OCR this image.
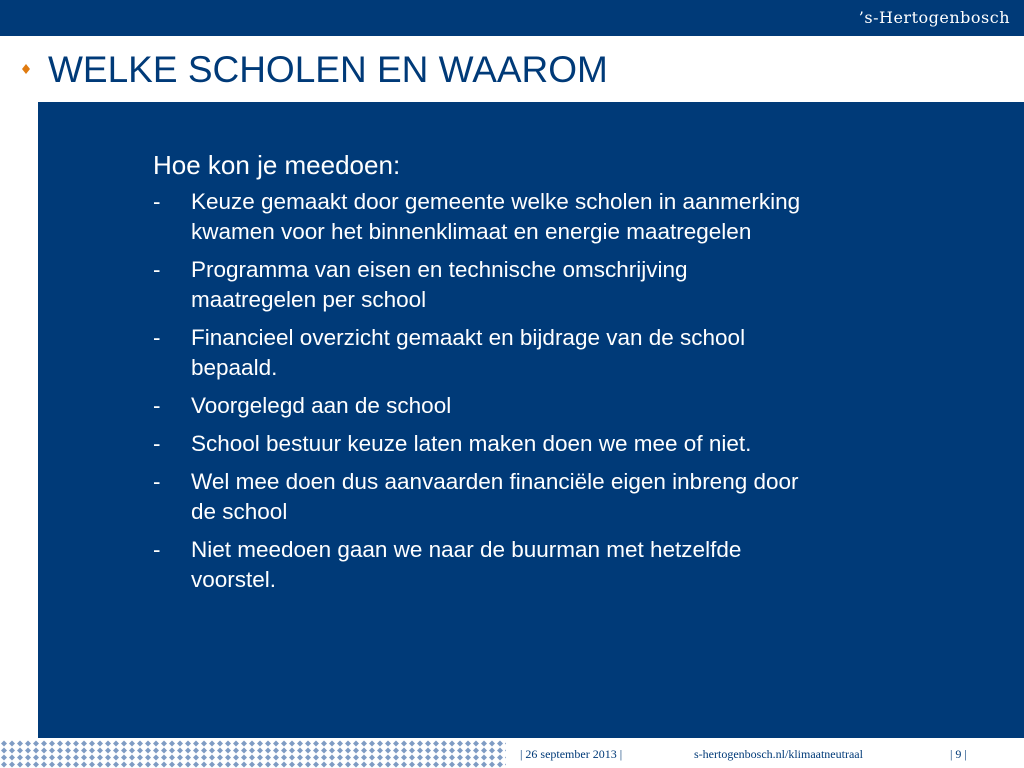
’s-Hertogenbosch
WELKE SCHOLEN EN WAAROM
Hoe kon je meedoen:
- Keuze gemaakt door gemeente welke scholen in aanmerking kwamen voor het binnenklimaat en energie maatregelen
- Programma van eisen en technische omschrijving maatregelen per school
- Financieel overzicht gemaakt en bijdrage van de school bepaald.
- Voorgelegd aan de school
- School bestuur keuze laten maken doen we mee of niet.
- Wel mee doen dus aanvaarden financiële eigen inbreng door de school
- Niet meedoen gaan we naar de buurman met hetzelfde voorstel.
| 26 september 2013 |	s-hertogenbosch.nl/klimaatneutraal	| 9 |
